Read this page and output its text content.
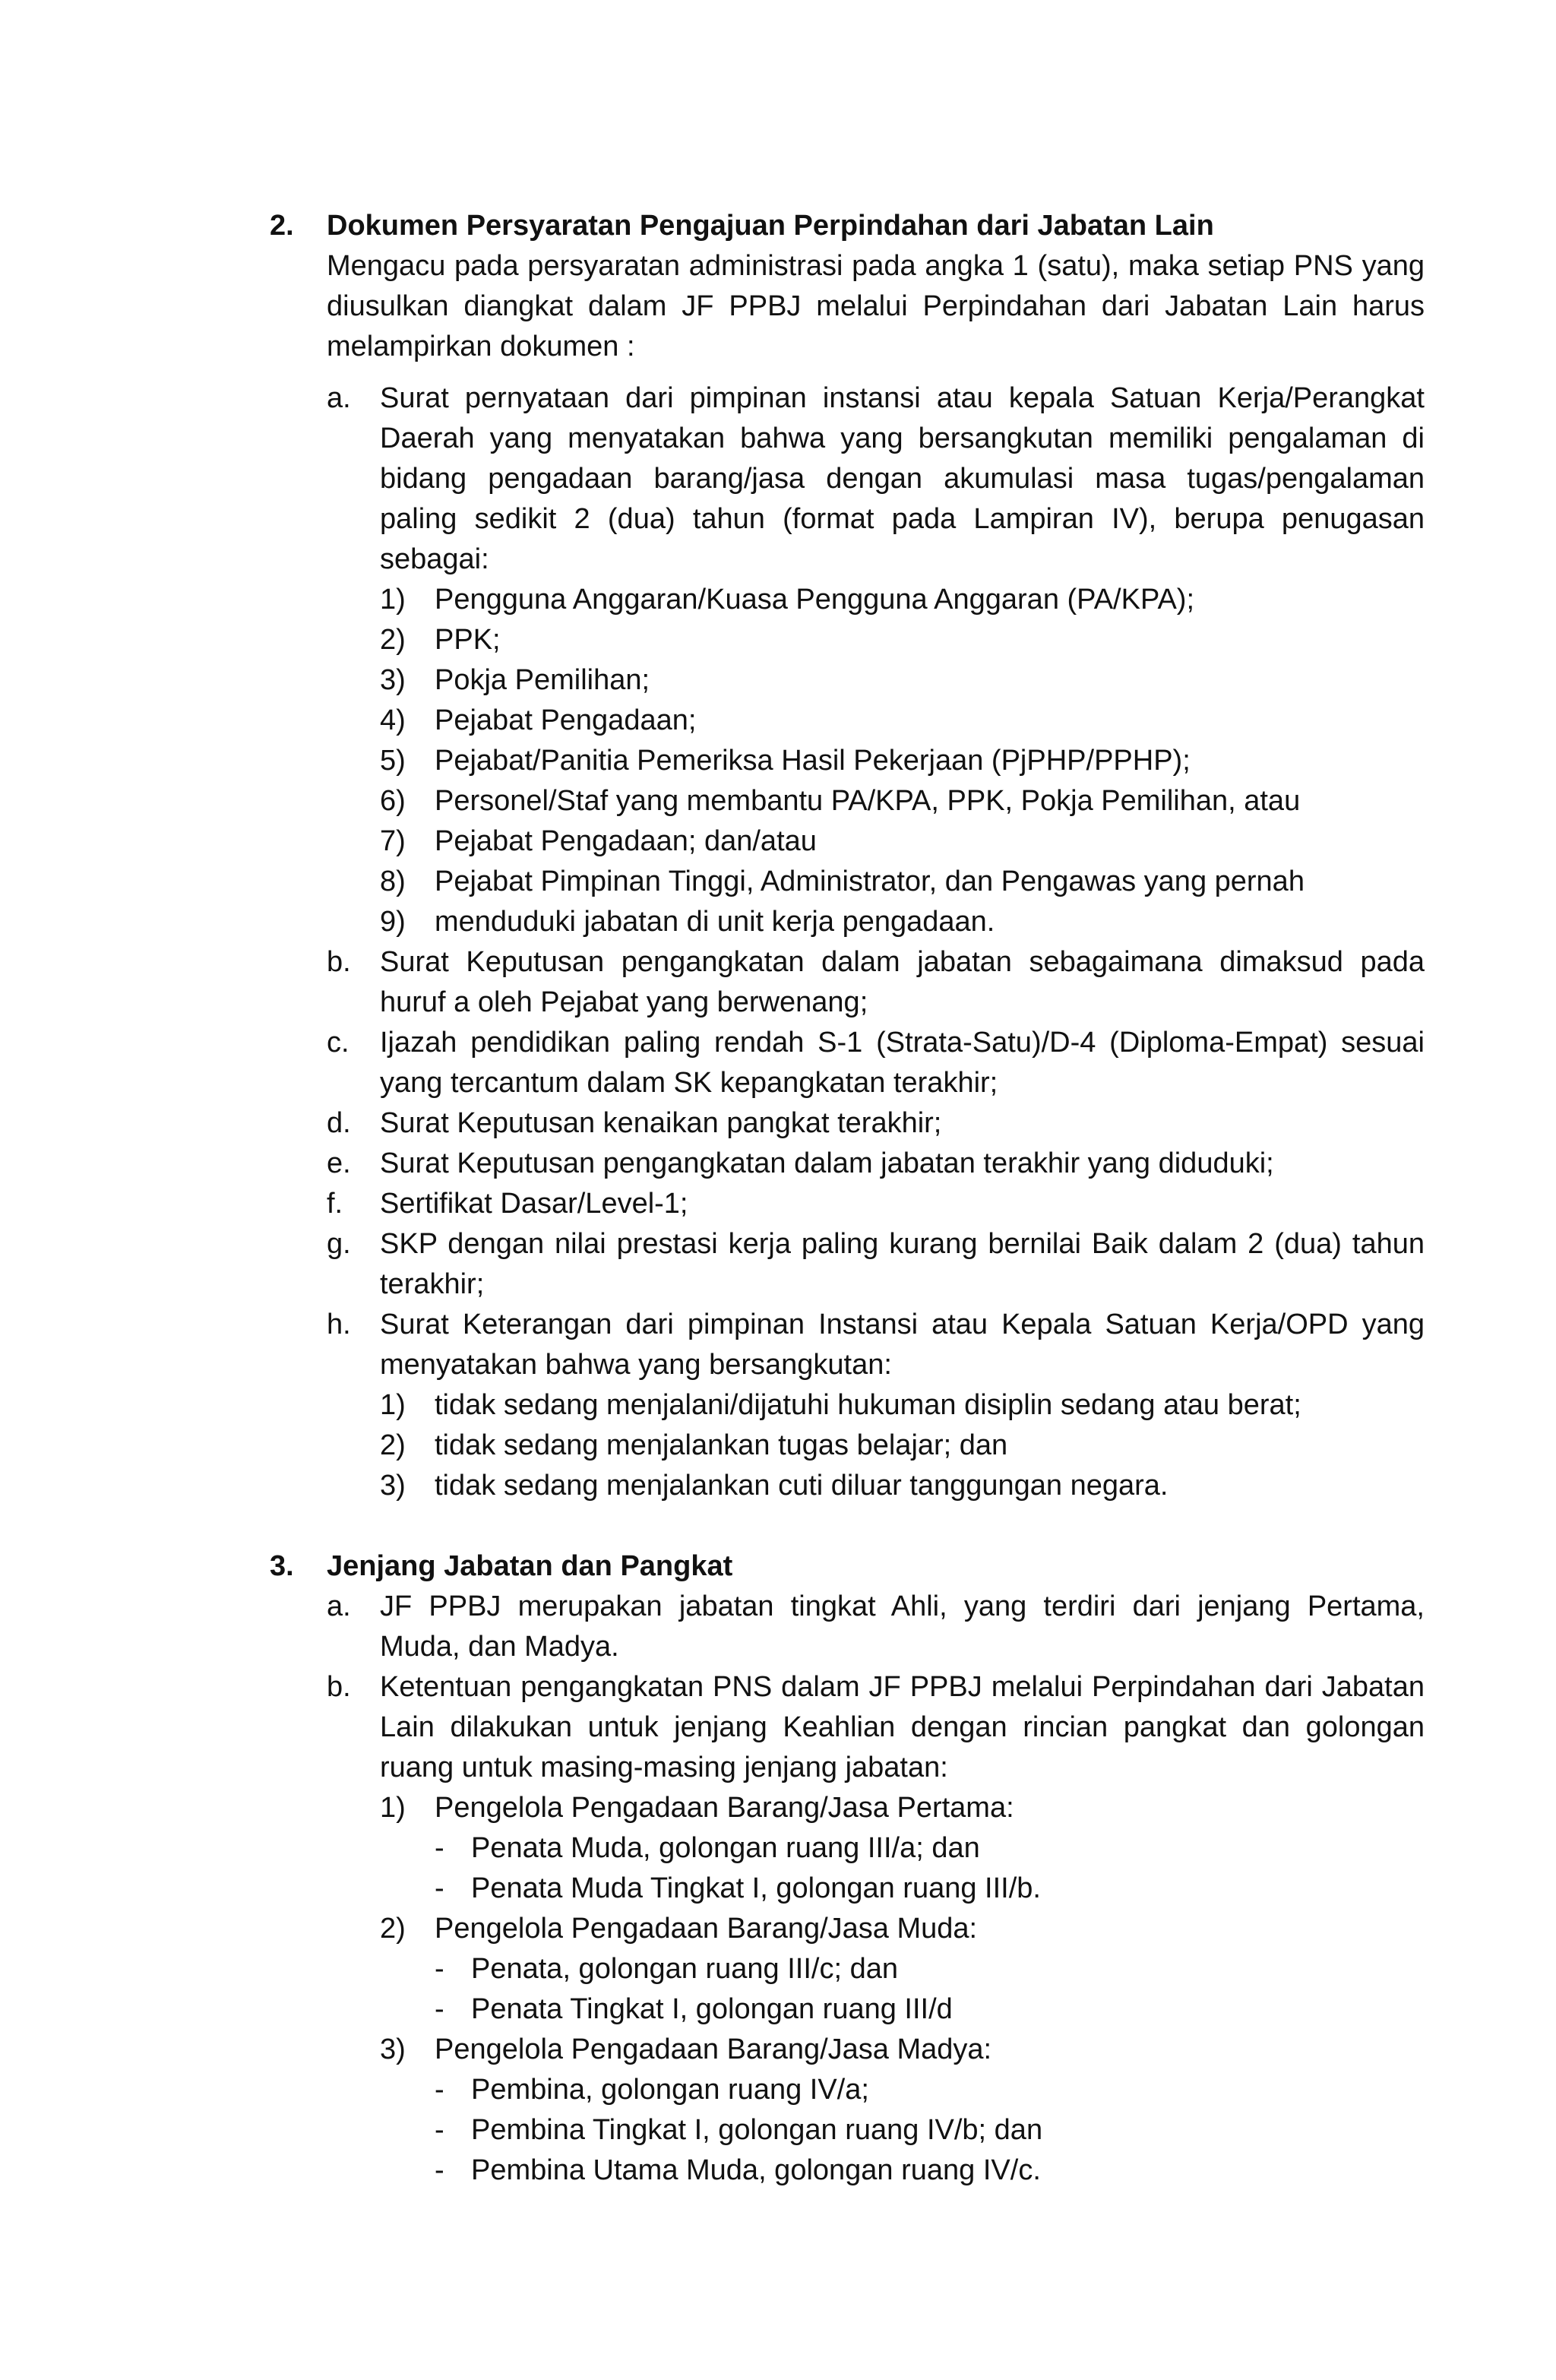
2. Dokumen Persyaratan Pengajuan Perpindahan dari Jabatan Lain
Mengacu pada persyaratan administrasi pada angka 1 (satu), maka setiap PNS yang diusulkan diangkat dalam JF PPBJ melalui Perpindahan dari Jabatan Lain harus melampirkan dokumen :
a. Surat pernyataan dari pimpinan instansi atau kepala Satuan Kerja/Perangkat Daerah yang menyatakan bahwa yang bersangkutan memiliki pengalaman di bidang pengadaan barang/jasa dengan akumulasi masa tugas/pengalaman paling sedikit 2 (dua) tahun (format pada Lampiran IV), berupa penugasan sebagai:
1) Pengguna Anggaran/Kuasa Pengguna Anggaran (PA/KPA);
2) PPK;
3) Pokja Pemilihan;
4) Pejabat Pengadaan;
5) Pejabat/Panitia Pemeriksa Hasil Pekerjaan (PjPHP/PPHP);
6) Personel/Staf yang membantu PA/KPA, PPK, Pokja Pemilihan, atau
7) Pejabat Pengadaan; dan/atau
8) Pejabat Pimpinan Tinggi, Administrator, dan Pengawas yang pernah
9) menduduki jabatan di unit kerja pengadaan.
b. Surat Keputusan pengangkatan dalam jabatan sebagaimana dimaksud pada huruf a oleh Pejabat yang berwenang;
c. Ijazah pendidikan paling rendah S-1 (Strata-Satu)/D-4 (Diploma-Empat) sesuai yang tercantum dalam SK kepangkatan terakhir;
d. Surat Keputusan kenaikan pangkat terakhir;
e. Surat Keputusan pengangkatan dalam jabatan terakhir yang diduduki;
f. Sertifikat Dasar/Level-1;
g. SKP dengan nilai prestasi kerja paling kurang bernilai Baik dalam 2 (dua) tahun terakhir;
h. Surat Keterangan dari pimpinan Instansi atau Kepala Satuan Kerja/OPD yang menyatakan bahwa yang bersangkutan:
1) tidak sedang menjalani/dijatuhi hukuman disiplin sedang atau berat;
2) tidak sedang menjalankan tugas belajar; dan
3) tidak sedang menjalankan cuti diluar tanggungan negara.
3. Jenjang Jabatan dan Pangkat
a. JF PPBJ merupakan jabatan tingkat Ahli, yang terdiri dari jenjang Pertama, Muda, dan Madya.
b. Ketentuan pengangkatan PNS dalam JF PPBJ melalui Perpindahan dari Jabatan Lain dilakukan untuk jenjang Keahlian dengan rincian pangkat dan golongan ruang untuk masing-masing jenjang jabatan:
1) Pengelola Pengadaan Barang/Jasa Pertama:
- Penata Muda, golongan ruang III/a; dan
- Penata Muda Tingkat I, golongan ruang III/b.
2) Pengelola Pengadaan Barang/Jasa Muda:
- Penata, golongan ruang III/c; dan
- Penata Tingkat I, golongan ruang III/d
3) Pengelola Pengadaan Barang/Jasa Madya:
- Pembina, golongan ruang IV/a;
- Pembina Tingkat I, golongan ruang IV/b; dan
- Pembina Utama Muda, golongan ruang IV/c.
